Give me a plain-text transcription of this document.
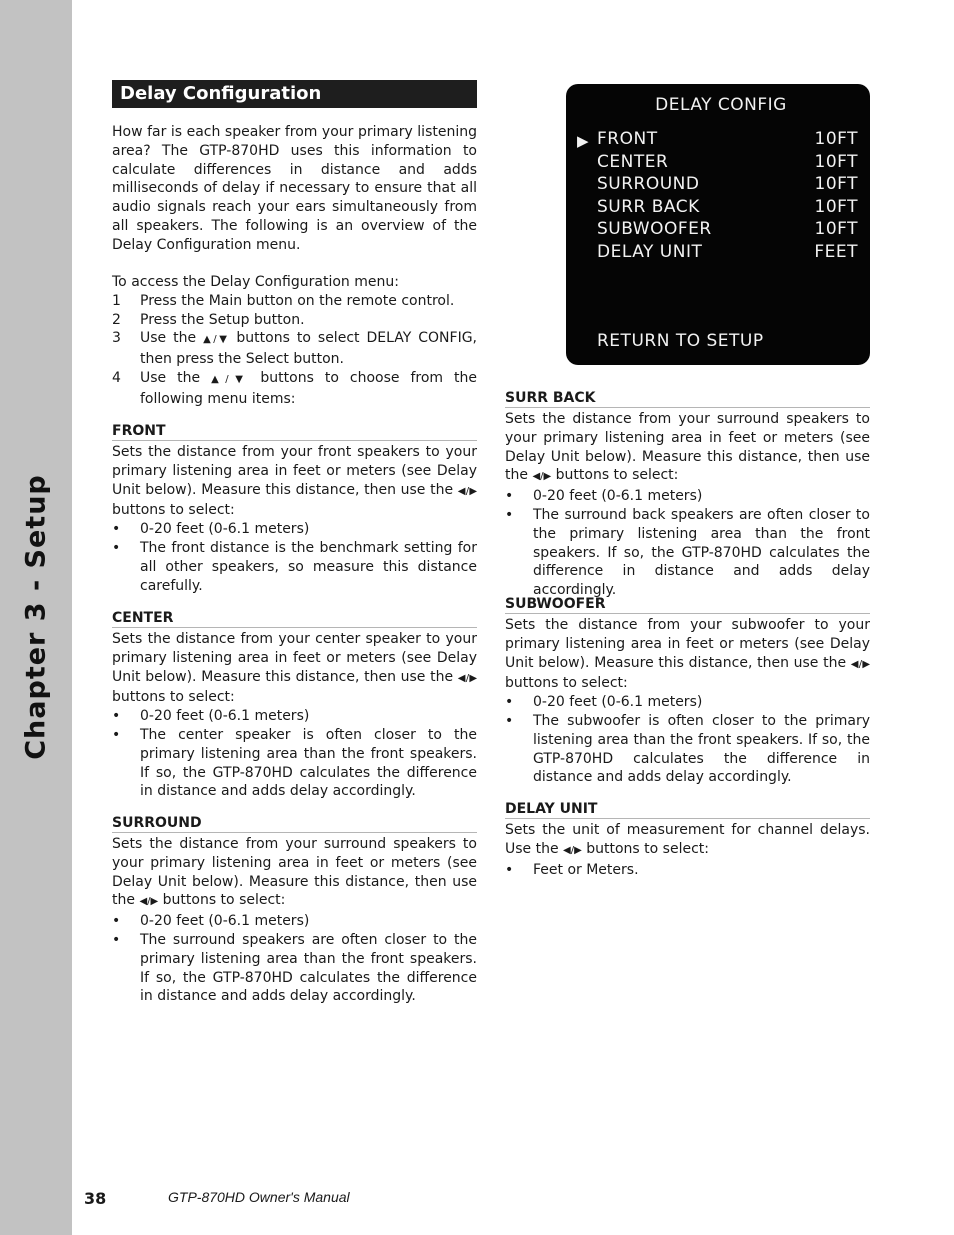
Chapter 3 - Setup
Delay Configuration

How far is each speaker from your primary listening area? The GTP-870HD uses this information to calculate differences in distance and adds milliseconds of delay if necessary to ensure that all audio signals reach your ears simultaneously from all speakers. The following is an overview of the Delay Configuration menu.

To access the Delay Configuration menu:

1	Press the Main button on the remote control.
2	Press the Setup button.
3	Use the ▲/▼ buttons to select DELAY CONFIG, then press the Select button.
4	Use the ▲/▼ buttons to choose from the following menu items:
FRONT

Sets the distance from your front speakers to your primary listening area in feet or meters (see Delay Unit below). Measure this distance, then use the ◀/▶ buttons to select:

•	0-20 feet (0-6.1 meters)
•	The front distance is the benchmark setting for all other speakers, so measure this distance carefully.
CENTER

Sets the distance from your center speaker to your primary listening area in feet or meters (see Delay Unit below). Measure this distance, then use the ◀/▶ buttons to select:

•	0-20 feet (0-6.1 meters)
•	The center speaker is often closer to the primary listening area than the front speakers. If so, the GTP-870HD calculates the difference in distance and adds delay accordingly.
SURROUND

Sets the distance from your surround speakers to your primary listening area in feet or meters (see Delay Unit below). Measure this distance, then use the ◀/▶ buttons to select:

•	0-20 feet (0-6.1 meters)
•	The surround speakers are often closer to the primary listening area than the front speakers. If so, the GTP-870HD calculates the difference in distance and adds delay accordingly.
DELAY CONFIG
▶ FRONT	10FT
CENTER	10FT
SURROUND	10FT
SURR BACK	10FT
SUBWOOFER	10FT
DELAY UNIT	FEET
RETURN TO SETUP
SURR BACK

Sets the distance from your surround speakers to your primary listening area in feet or meters (see Delay Unit below). Measure this distance, then use the ◀/▶ buttons to select:

•	0-20 feet (0-6.1 meters)
•	The surround back speakers are often closer to the primary listening area than the front speakers. If so, the GTP-870HD calculates the difference in distance and adds delay accordingly.
SUBWOOFER

Sets the distance from your subwoofer to your primary listening area in feet or meters (see Delay Unit below). Measure this distance, then use the ◀/▶ buttons to select:

•	0-20 feet (0-6.1 meters)
•	The subwoofer is often closer to the primary listening area than the front speakers. If so, the GTP-870HD calculates the difference in distance and adds delay accordingly.
DELAY UNIT

Sets the unit of measurement for channel delays. Use the ◀/▶ buttons to select:

•	Feet or Meters.
38	GTP-870HD Owner's Manual
